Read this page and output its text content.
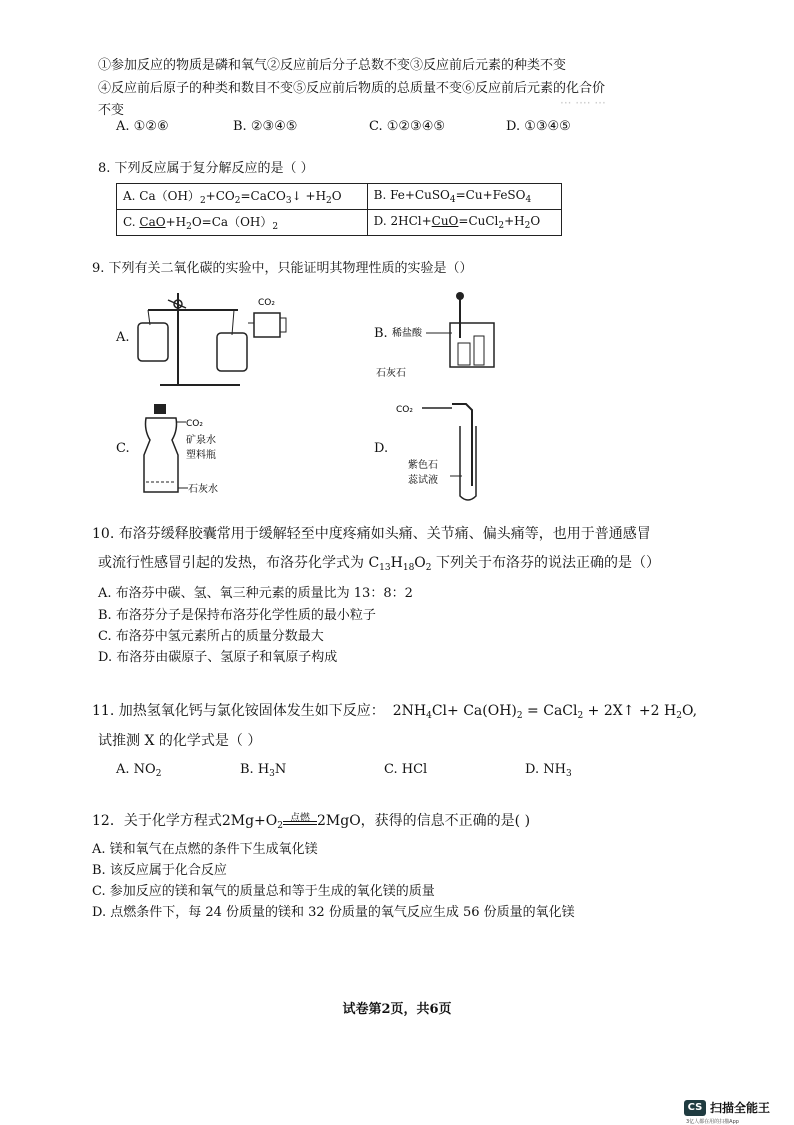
··· ···· ···
①参加反应的物质是磷和氧气②反应前后分子总数不变③反应前后元素的种类不变
④反应前后原子的种类和数目不变⑤反应前后物质的总质量不变⑥反应前后元素的化合价
不变
A. ①②⑥	B. ②③④⑤	C. ①②③④⑤	D. ①③④⑤
8. 下列反应属于复分解反应的是（ ）
A. $Ca(OH)_2+CO_2=CaCO_3↓ +H_2O$	B. Fe+CuSO$_4$=Cu+FeSO$_4$
C. $CaO+H_2O=Ca(OH)_2$	D. $2HCl+CuO=CuCl_2+H_2O$
9. 下列有关二氧化碳的实验中，只能证明其物理性质的实验是（）
A.
CO₂
B. 稀盐酸
石灰石
C.
CO₂
矿泉水
塑料瓶
石灰水
D.
CO₂
紫色石
蕊试液
10. 布洛芬缓释胶囊常用于缓解轻至中度疼痛如头痛、关节痛、偏头痛等，也用于普通感冒
或流行性感冒引起的发热，布洛芬化学式为 $C_{13}H_{18}O_2$ 下列关于布洛芬的说法正确的是（）
A. 布洛芬中碳、氢、氧三种元素的质量比为 13：8：2
B. 布洛芬分子是保持布洛芬化学性质的最小粒子
C. 布洛芬中氢元素所占的质量分数最大
D. 布洛芬由碳原子、氢原子和氧原子构成
11. 加热氢氧化钙与氯化铵固体发生如下反应： $2NH_4Cl+ Ca(OH)_2$ = CaCl$_2$ + 2X↑ +2 $H_2O$,
试推测 X 的化学式是（ ）
A. $NO_2$	B. $H_3N$	C. HCl	D. $NH_3$
12．关于化学方程式$2Mg+O_2$
点燃 2MgO，获得的信息不正确的是( )
A. 镁和氧气在点燃的条件下生成氧化镁
B. 该反应属于化合反应
C. 参加反应的镁和氧气的质量总和等于生成的氧化镁的质量
D. 点燃条件下，每 24 份质量的镁和 32 份质量的氧气反应生成 56 份质量的氧化镁
试卷第2页，共6页
CS 扫描全能王
3亿人都在用的扫描App
